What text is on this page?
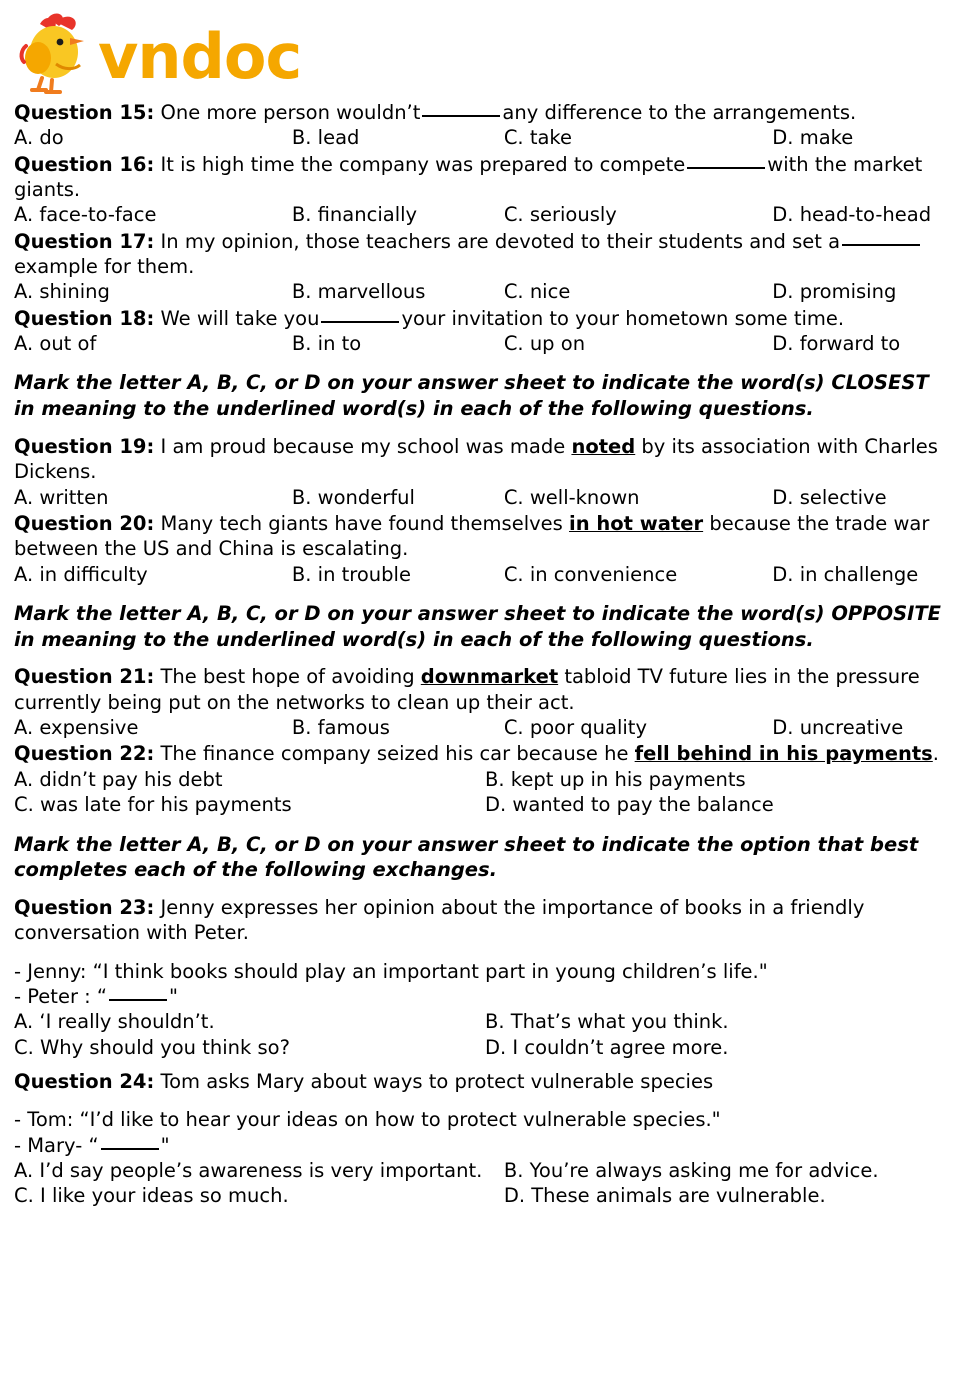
vndoc

Question 15: One more person wouldn’t	any difference to the arrangements.

A. do	B. lead	C. take	D. make

Question 16: It is high time the company was prepared to compete	with the market giants.

A. face-to-face	B. financially	C. seriously	D. head-to-head

Question 17: In my opinion, those teachers are devoted to their students and set aexample for them.

A. shining	B. marvellous	C. nice	D. promising

Question 18: We will take you	your invitation to your hometown some time.

A. out of	B. in to	C. up on	D. forward to

Mark the letter A, B, C, or D on your answer sheet to indicate the word(s) CLOSEST in meaning to the underlined word(s) in each of the following questions.

Question 19: I am proud because my school was made noted by its association with Charles Dickens.

A. written	B. wonderful	C. well-known	D. selective

Question 20: Many tech giants have found themselves in hot water because the trade war between the US and China is escalating.

A. in difficulty	B. in trouble	C. in convenience	D. in challenge

Mark the letter A, B, C, or D on your answer sheet to indicate the word(s) OPPOSITE in meaning to the underlined word(s) in each of the following questions.

Question 21: The best hope of avoiding downmarket tabloid TV future lies in the pressure currently being put on the networks to clean up their act.

A. expensive	B. famous	C. poor quality	D. uncreative

Question 22: The finance company seized his car because he fell behind in his payments.

A. didn’t pay his debt	B. kept up in his payments
C. was late for his payments	D. wanted to pay the balance

Mark the letter A, B, C, or D on your answer sheet to indicate the option that best completes each of the following exchanges.

Question 23: Jenny expresses her opinion about the importance of books in a friendly conversation with Peter.

- Jenny: “I think books should play an important part in young children’s life."

- Peter : “	"

A. ‘I really shouldn’t.	B. That’s what you think.
C. Why should you think so?	D. I couldn’t agree more.

Question 24: Tom asks Mary about ways to protect vulnerable species

- Tom: “I’d like to hear your ideas on how to protect vulnerable species."

- Mary- “	"

A. I’d say people’s awareness is very important.	B. You’re always asking me for advice.
C. I like your ideas so much.	D. These animals are vulnerable.
